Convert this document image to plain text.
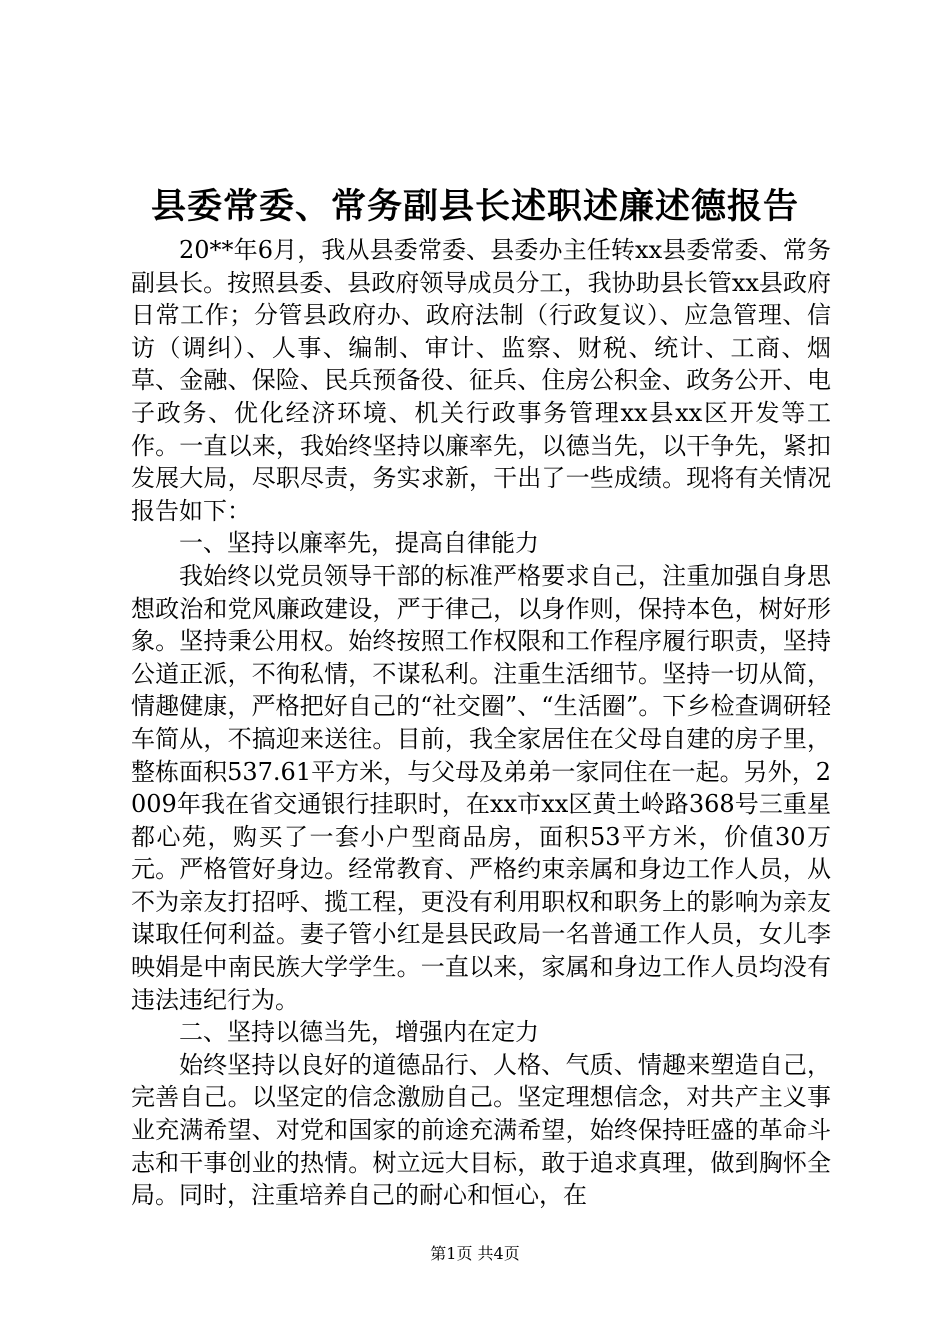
县委常委、常务副县长述职述廉述德报告

20**年6月，我从县委常委、县委办主任转xx县委常委、常务副县长。按照县委、县政府领导成员分工，我协助县长管xx县政府日常工作；分管县政府办、政府法制（行政复议）、应急管理、信访（调纠）、人事、编制、审计、监察、财税、统计、工商、烟草、金融、保险、民兵预备役、征兵、住房公积金、政务公开、电子政务、优化经济环境、机关行政事务管理xx县xx区开发等工作。一直以来，我始终坚持以廉率先，以德当先，以干争先，紧扣发展大局，尽职尽责，务实求新，干出了一些成绩。现将有关情况报告如下：

一、坚持以廉率先，提高自律能力

我始终以党员领导干部的标准严格要求自己，注重加强自身思想政治和党风廉政建设，严于律己，以身作则，保持本色，树好形象。坚持秉公用权。始终按照工作权限和工作程序履行职责，坚持公道正派，不徇私情，不谋私利。注重生活细节。坚持一切从简，情趣健康，严格把好自己的“社交圈”、“生活圈”。下乡检查调研轻车简从，不搞迎来送往。目前，我全家居住在父母自建的房子里，整栋面积537.61平方米，与父母及弟弟一家同住在一起。另外，2009年我在省交通银行挂职时，在xx市xx区黄土岭路368号三重星都心苑，购买了一套小户型商品房，面积53平方米，价值30万元。严格管好身边。经常教育、严格约束亲属和身边工作人员，从不为亲友打招呼、揽工程，更没有利用职权和职务上的影响为亲友谋取任何利益。妻子管小红是县民政局一名普通工作人员，女儿李映娟是中南民族大学学生。一直以来，家属和身边工作人员均没有违法违纪行为。

二、坚持以德当先，增强内在定力

始终坚持以良好的道德品行、人格、气质、情趣来塑造自己，完善自己。以坚定的信念激励自己。坚定理想信念，对共产主义事业充满希望、对党和国家的前途充满希望，始终保持旺盛的革命斗志和干事创业的热情。树立远大目标，敢于追求真理，做到胸怀全局。同时，注重培养自己的耐心和恒心，在

第1页 共4页
